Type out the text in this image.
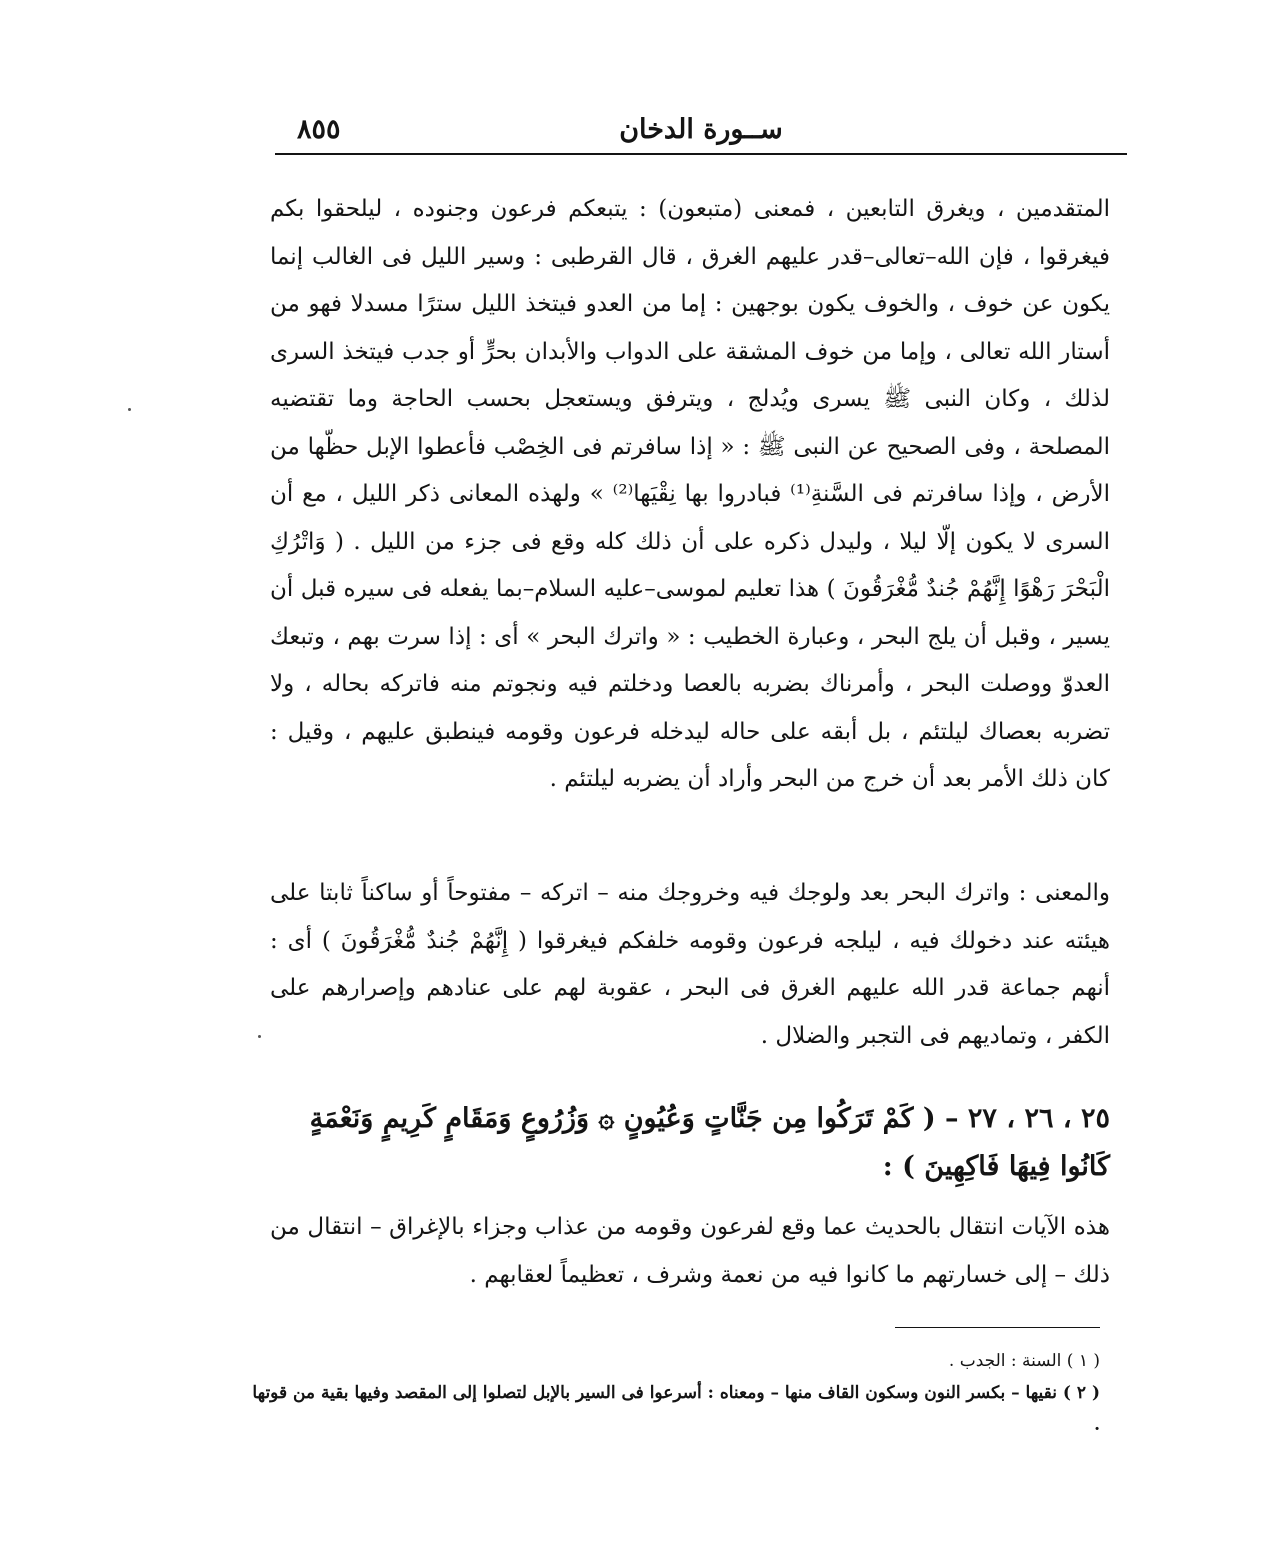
ســورة الدخان
٨٥٥
المتقدمين ، ويغرق التابعين ، فمعنى (متبعون) : يتبعكم فرعون وجنوده ، ليلحقوا بكم فيغرقوا ، فإن الله–تعالى–قدر عليهم الغرق ، قال القرطبى : وسير الليل فى الغالب إنما يكون عن خوف ، والخوف يكون بوجهين : إما من العدو فيتخذ الليل سترًا مسدلا فهو من أستار الله تعالى ، وإما من خوف المشقة على الدواب والأبدان بحرٍّ أو جدب فيتخذ السرى لذلك ، وكان النبى ﷺ يسرى ويُدلج ، ويترفق ويستعجل بحسب الحاجة وما تقتضيه المصلحة ، وفى الصحيح عن النبى ﷺ : « إذا سافرتم فى الخِصْب فأعطوا الإبل حظّها من الأرض ، وإذا سافرتم فى السَّنةِ⁽¹⁾ فبادروا بها نِقْيَها⁽²⁾ » ولهذه المعانى ذكر الليل ، مع أن السرى لا يكون إلّا ليلا ، وليدل ذكره على أن ذلك كله وقع فى جزء من الليل . ( وَاتْرُكِ الْبَحْرَ رَهْوًا إِنَّهُمْ جُندٌ مُّغْرَقُونَ ) هذا تعليم لموسى–عليه السلام–بما يفعله فى سيره قبل أن يسير ، وقبل أن يلج البحر ، وعبارة الخطيب : « واترك البحر » أى : إذا سرت بهم ، وتبعك العدوّ ووصلت البحر ، وأمرناك بضربه بالعصا ودخلتم فيه ونجوتم منه فاتركه بحاله ، ولا تضربه بعصاك ليلتئم ، بل أبقه على حاله ليدخله فرعون وقومه فينطبق عليهم ، وقيل : كان ذلك الأمر بعد أن خرج من البحر وأراد أن يضربه ليلتئم .
والمعنى : واترك البحر بعد ولوجك فيه وخروجك منه – اتركه – مفتوحاً أو ساكناً ثابتا على هيئته عند دخولك فيه ، ليلجه فرعون وقومه خلفكم فيغرقوا ( إِنَّهُمْ جُندٌ مُّغْرَقُونَ ) أى : أنهم جماعة قدر الله عليهم الغرق فى البحر ، عقوبة لهم على عنادهم وإصرارهم على الكفر ، وتماديهم فى التجبر والضلال .
٢٥ ، ٢٦ ، ٢٧ – ( كَمْ تَرَكُوا مِن جَنَّاتٍ وَعُيُونٍ ۞ وَزُرُوعٍ وَمَقَامٍ كَرِيمٍ وَنَعْمَةٍ كَانُوا فِيهَا فَاكِهِينَ ) :
هذه الآيات انتقال بالحديث عما وقع لفرعون وقومه من عذاب وجزاء بالإغراق – انتقال من ذلك – إلى خسارتهم ما كانوا فيه من نعمة وشرف ، تعظيماً لعقابهم .
( ١ ) السنة : الجدب .
( ٢ ) نقيها – بكسر النون وسكون القاف منها – ومعناه : أسرعوا فى السير بالإبل لتصلوا إلى المقصد وفيها بقية من قوتها .
